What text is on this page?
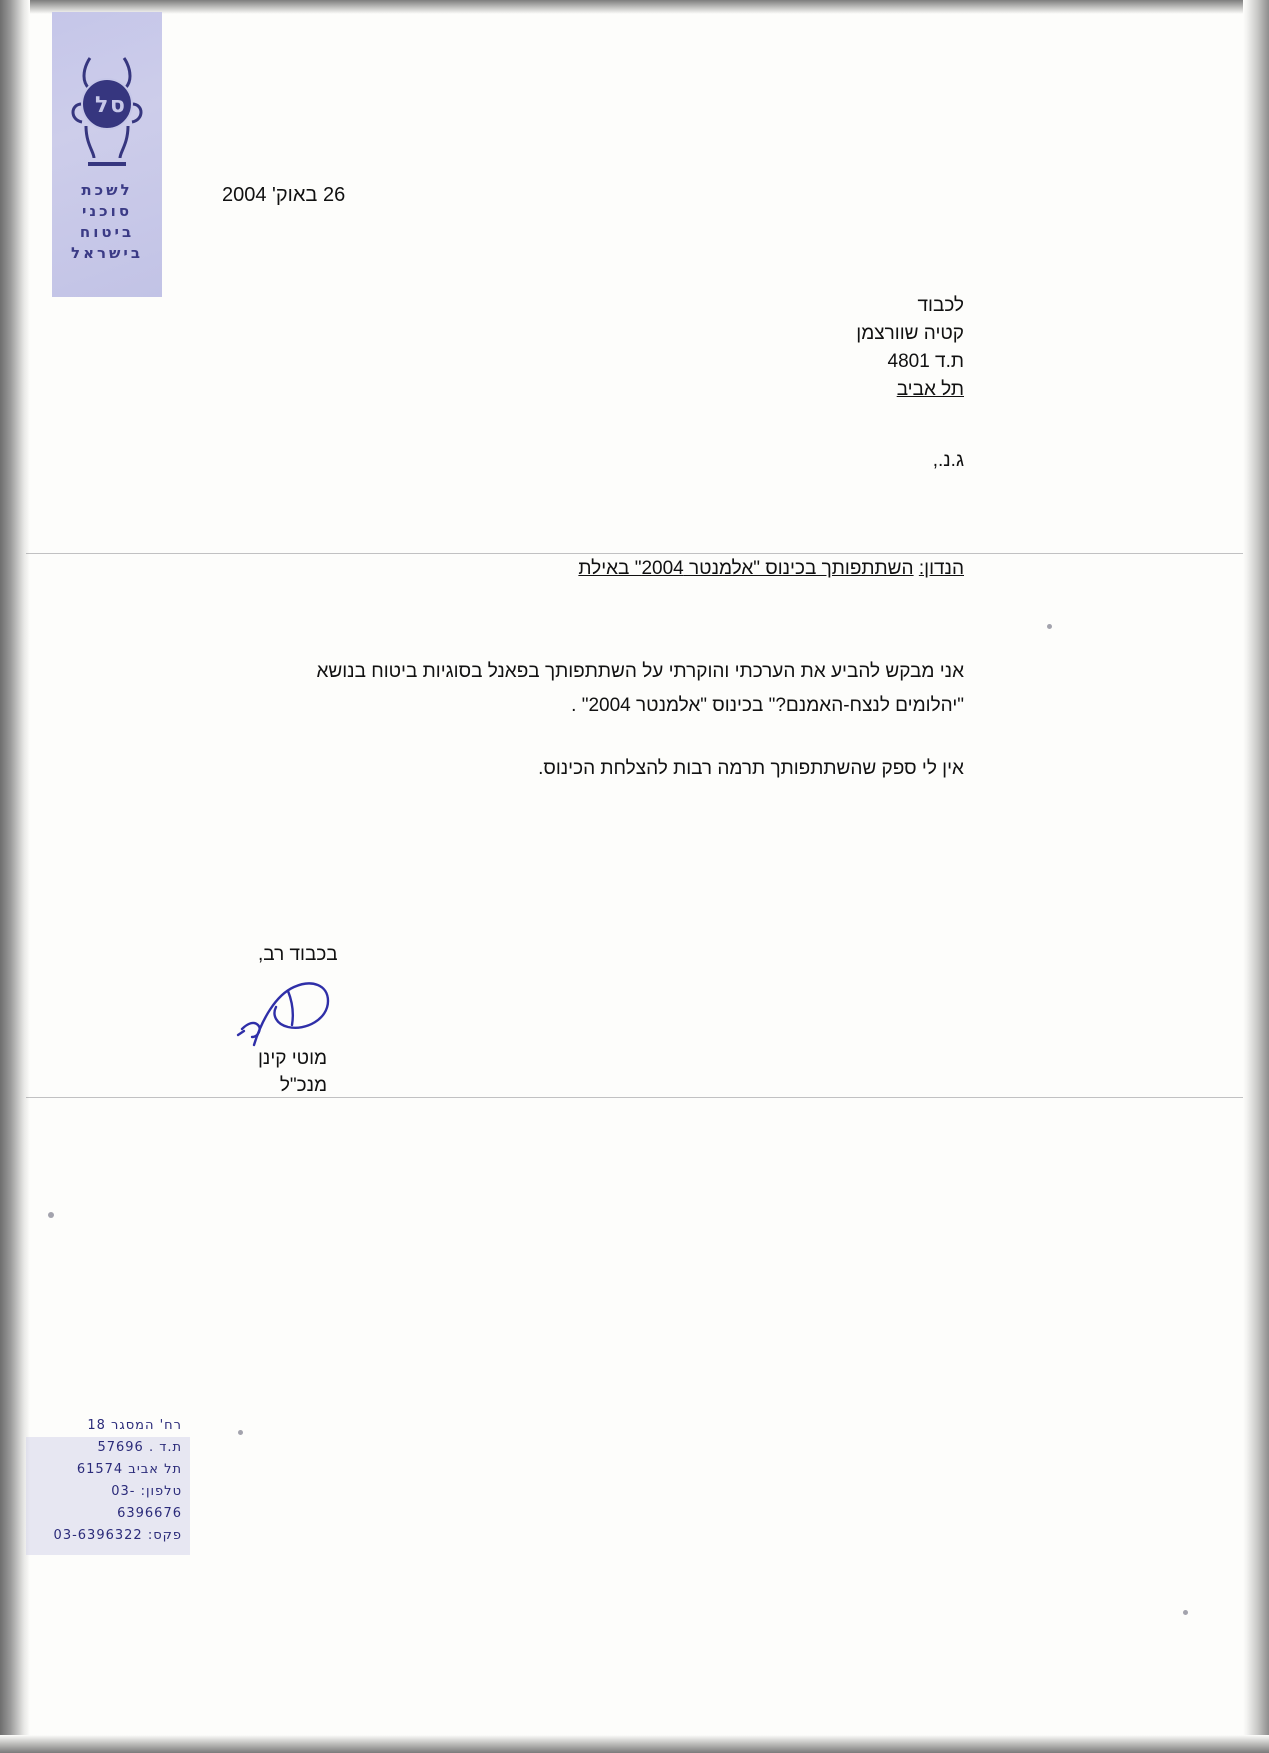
ל ס
לשכת
סוכני
ביטוח
בישראל
26 באוק' 2004
לכבוד
קטיה שוורצמן
ת.ד 4801
תל אביב
ג.נ.,
הנדון: השתתפותך בכינוס "אלמנטר 2004" באילת
אני מבקש להביע את הערכתי והוקרתי על השתתפותך בפאנל בסוגיות ביטוח בנושא "יהלומים לנצח-האמנם?" בכינוס "אלמנטר 2004" .
אין לי ספק שהשתתפותך תרמה רבות להצלחת הכינוס.
בכבוד רב,
מוטי קינן
מנכ"ל
רח' המסגר 18
ת.ד . 57696
תל אביב 61574
טלפון: 03-6396676
פקס: 03-6396322
